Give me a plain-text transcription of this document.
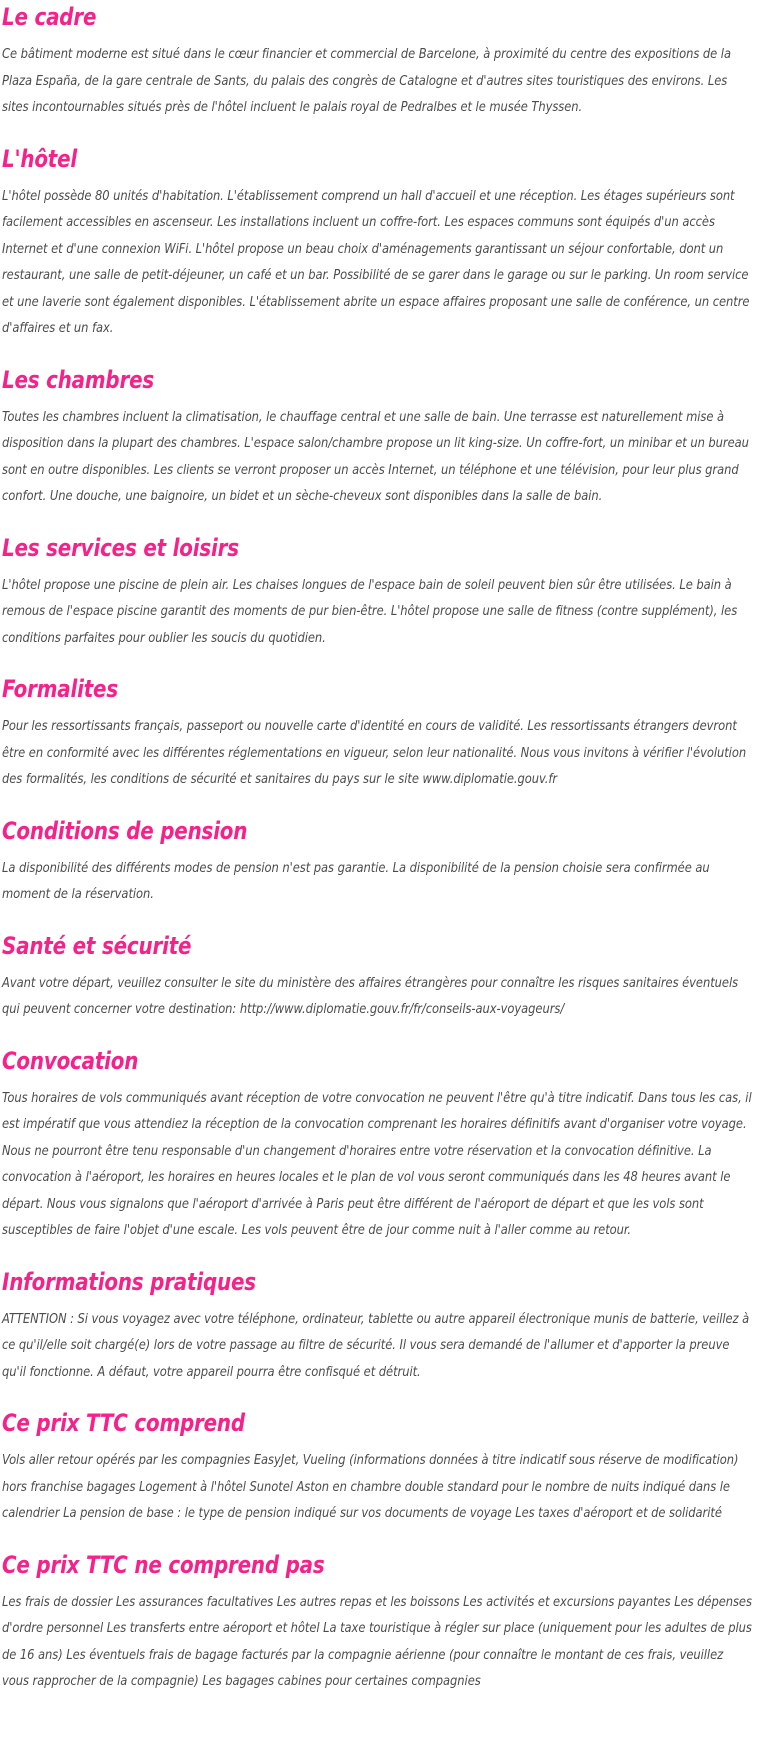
Le cadre

Ce bâtiment moderne est situé dans le cœur financier et commercial de Barcelone, à proximité du centre des expositions de la Plaza España, de la gare centrale de Sants, du palais des congrès de Catalogne et d'autres sites touristiques des environs. Les sites incontournables situés près de l'hôtel incluent le palais royal de Pedralbes et le musée Thyssen.

L'hôtel

L'hôtel possède 80 unités d'habitation. L'établissement comprend un hall d'accueil et une réception. Les étages supérieurs sont facilement accessibles en ascenseur. Les installations incluent un coffre-fort. Les espaces communs sont équipés d'un accès Internet et d'une connexion WiFi. L'hôtel propose un beau choix d'aménagements garantissant un séjour confortable, dont un restaurant, une salle de petit-déjeuner, un café et un bar. Possibilité de se garer dans le garage ou sur le parking. Un room service et une laverie sont également disponibles. L'établissement abrite un espace affaires proposant une salle de conférence, un centre d'affaires et un fax.

Les chambres

Toutes les chambres incluent la climatisation, le chauffage central et une salle de bain. Une terrasse est naturellement mise à disposition dans la plupart des chambres. L'espace salon/chambre propose un lit king-size. Un coffre-fort, un minibar et un bureau sont en outre disponibles. Les clients se verront proposer un accès Internet, un téléphone et une télévision, pour leur plus grand confort. Une douche, une baignoire, un bidet et un sèche-cheveux sont disponibles dans la salle de bain.

Les services et loisirs

L'hôtel propose une piscine de plein air. Les chaises longues de l'espace bain de soleil peuvent bien sûr être utilisées. Le bain à remous de l'espace piscine garantit des moments de pur bien-être. L'hôtel propose une salle de fitness (contre supplément), les conditions parfaites pour oublier les soucis du quotidien.

Formalites

Pour les ressortissants français, passeport ou nouvelle carte d'identité en cours de validité. Les ressortissants étrangers devront être en conformité avec les différentes réglementations en vigueur, selon leur nationalité. Nous vous invitons à vérifier l'évolution des formalités, les conditions de sécurité et sanitaires du pays sur le site www.diplomatie.gouv.fr

Conditions de pension

La disponibilité des différents modes de pension n'est pas garantie. La disponibilité de la pension choisie sera confirmée au moment de la réservation.

Santé et sécurité

Avant votre départ, veuillez consulter le site du ministère des affaires étrangères pour connaître les risques sanitaires éventuels qui peuvent concerner votre destination: http://www.diplomatie.gouv.fr/fr/conseils-aux-voyageurs/

Convocation

Tous horaires de vols communiqués avant réception de votre convocation ne peuvent l'être qu'à titre indicatif. Dans tous les cas, il est impératif que vous attendiez la réception de la convocation comprenant les horaires définitifs avant d'organiser votre voyage. Nous ne pourront être tenu responsable d'un changement d'horaires entre votre réservation et la convocation définitive. La convocation à l'aéroport, les horaires en heures locales et le plan de vol vous seront communiqués dans les 48 heures avant le départ. Nous vous signalons que l'aéroport d'arrivée à Paris peut être différent de l'aéroport de départ et que les vols sont susceptibles de faire l'objet d'une escale. Les vols peuvent être de jour comme nuit à l'aller comme au retour.

Informations pratiques

ATTENTION : Si vous voyagez avec votre téléphone, ordinateur, tablette ou autre appareil électronique munis de batterie, veillez à ce qu'il/elle soit chargé(e) lors de votre passage au filtre de sécurité. Il vous sera demandé de l'allumer et d'apporter la preuve qu'il fonctionne. A défaut, votre appareil pourra être confisqué et détruit.

Ce prix TTC comprend

Vols aller retour opérés par les compagnies EasyJet, Vueling (informations données à titre indicatif sous réserve de modification) hors franchise bagages Logement à l'hôtel Sunotel Aston en chambre double standard pour le nombre de nuits indiqué dans le calendrier La pension de base : le type de pension indiqué sur vos documents de voyage Les taxes d'aéroport et de solidarité

Ce prix TTC ne comprend pas

Les frais de dossier Les assurances facultatives Les autres repas et les boissons Les activités et excursions payantes Les dépenses d'ordre personnel Les transferts entre aéroport et hôtel La taxe touristique à régler sur place (uniquement pour les adultes de plus de 16 ans) Les éventuels frais de bagage facturés par la compagnie aérienne (pour connaître le montant de ces frais, veuillez vous rapprocher de la compagnie) Les bagages cabines pour certaines compagnies
